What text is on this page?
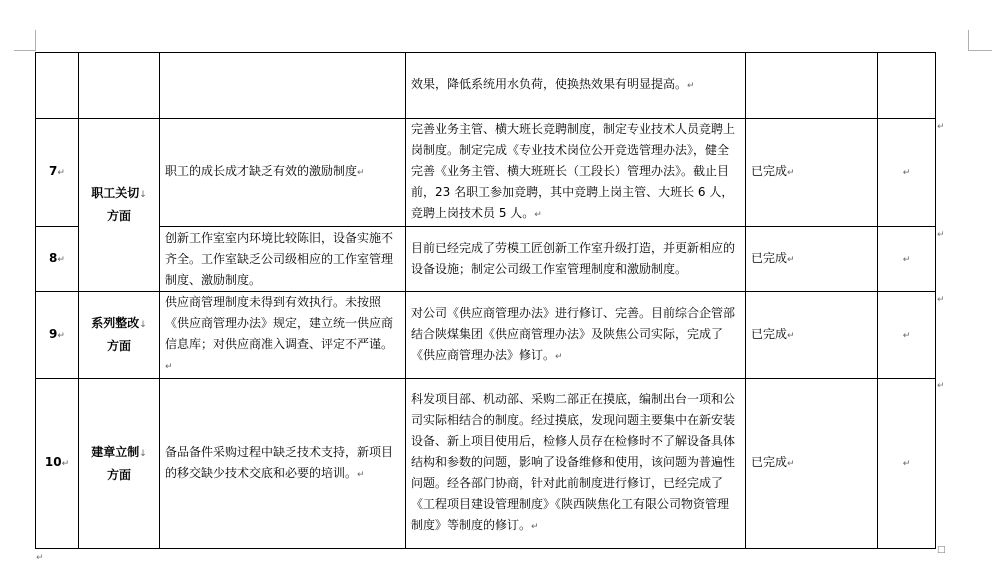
			效果，降低系统用水负荷，使换热效果有明显提高。↵		
7↵	职工关切↓
方面	职工的成长成才缺乏有效的激励制度↵	完善业务主管、横大班长竞聘制度，制定专业技术人员竞聘上岗制度。制定完成《专业技术岗位公开竞选管理办法》，健全完善《业务主管、横大班班长（工段长）管理办法》。截止目前，23 名职工参加竞聘，其中竞聘上岗主管、大班长 6 人，竞聘上岗技术员 5 人。↵	已完成↵	↵
8↵		创新工作室室内环境比较陈旧，设备实施不齐全。工作室缺乏公司级相应的工作室管理制度、激励制度。	目前已经完成了劳模工匠创新工作室升级打造，并更新相应的设备设施；制定公司级工作室管理制度和激励制度。	已完成↵	↵
9↵	系列整改↓
方面	供应商管理制度未得到有效执行。未按照《供应商管理办法》规定，建立统一供应商信息库；对供应商准入调查、评定不严谨。↵	对公司《供应商管理办法》进行修订、完善。目前综合企管部结合陕煤集团《供应商管理办法》及陕焦公司实际，完成了《供应商管理办法》修订。↵	已完成↵	↵
10↵	建章立制↓
方面	备品备件采购过程中缺乏技术支持，新项目的移交缺少技术交底和必要的培训。↵	科发项目部、机动部、采购二部正在摸底，编制出台一项和公司实际相结合的制度。经过摸底，发现问题主要集中在新安装设备、新上项目使用后，检修人员存在检修时不了解设备具体结构和参数的问题，影响了设备维修和使用，该问题为普遍性问题。经各部门协商，针对此前制度进行修订，已经完成了《工程项目建设管理制度》《陕西陕焦化工有限公司物资管理制度》等制度的修订。↵	已完成↵	↵
↵
↵
↵
↵
□
↵
